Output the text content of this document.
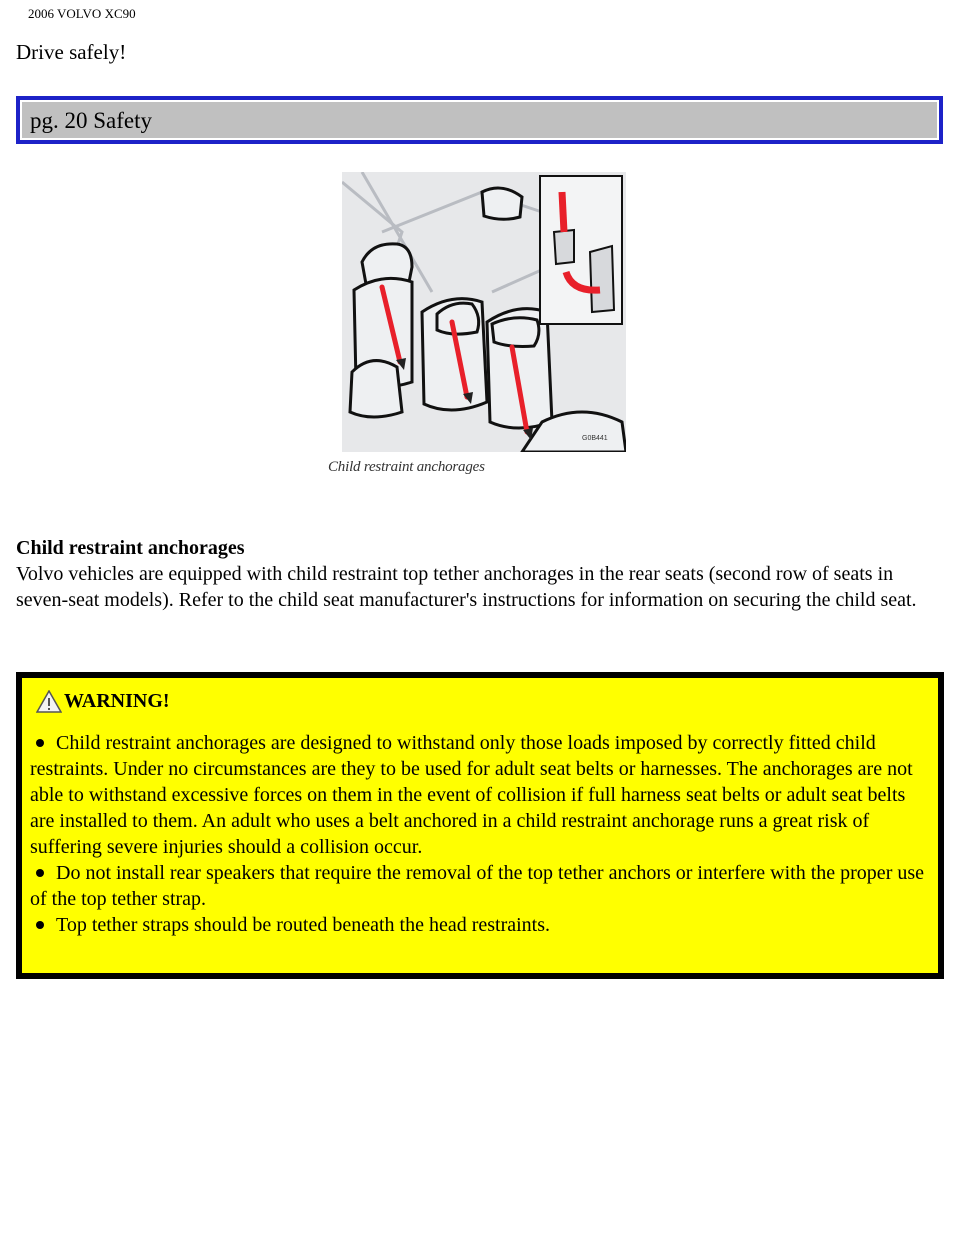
2006 VOLVO XC90
Drive safely!
pg. 20 Safety
G0B441
Child restraint anchorages
Child restraint anchorages
Volvo vehicles are equipped with child restraint top tether anchorages in the rear seats (second row of seats in seven-seat models). Refer to the child seat manufacturer's instructions for information on securing the child seat.
WARNING!
Child restraint anchorages are designed to withstand only those loads imposed by correctly fitted child restraints. Under no circumstances are they to be used for adult seat belts or harnesses. The anchorages are not able to withstand excessive forces on them in the event of collision if full harness seat belts or adult seat belts are installed to them. An adult who uses a belt anchored in a child restraint anchorage runs a great risk of suffering severe injuries should a collision occur.
Do not install rear speakers that require the removal of the top tether anchors or interfere with the proper use of the top tether strap.
Top tether straps should be routed beneath the head restraints.
